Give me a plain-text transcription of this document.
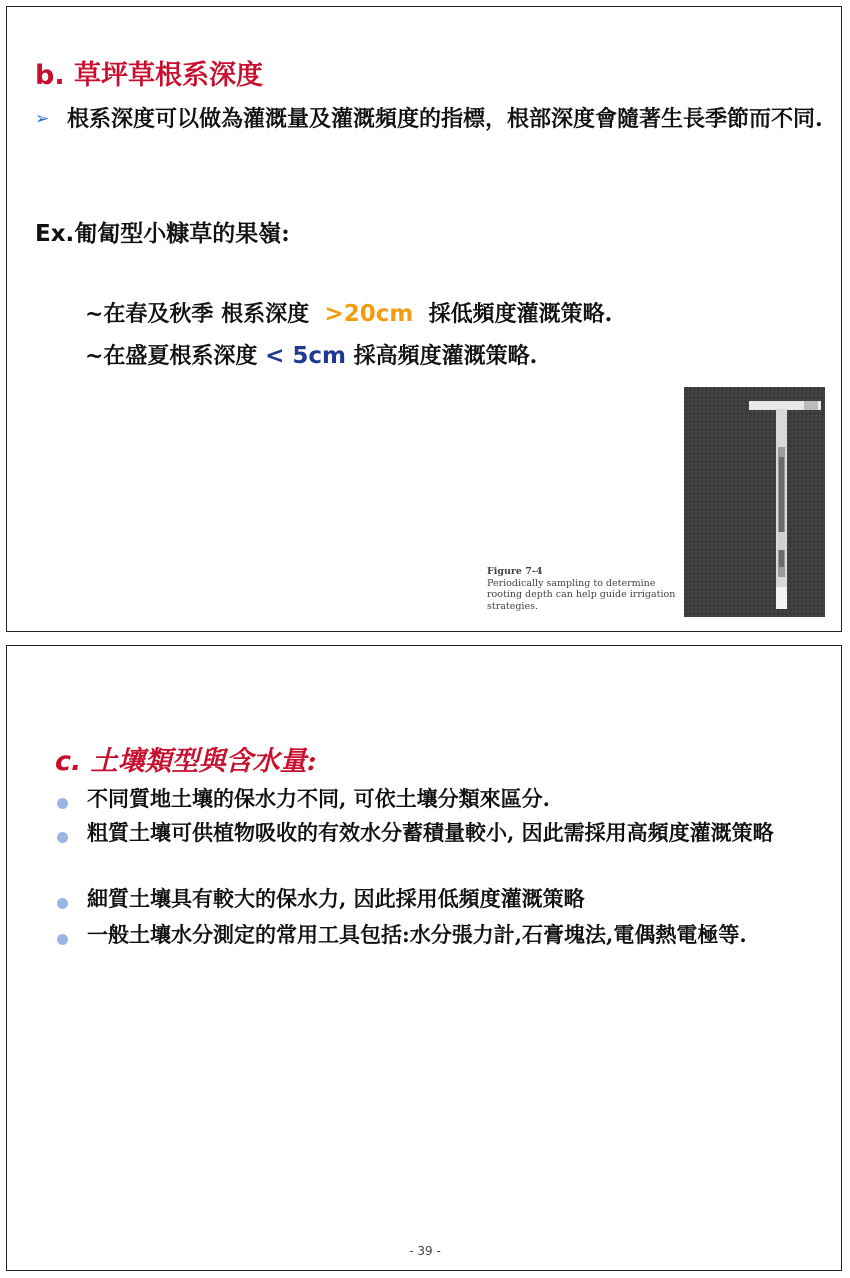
b. 草坪草根系深度
➢ 根系深度可以做為灌溉量及灌溉頻度的指標，根部深度會隨著生長季節而不同.
Ex.匍匐型小糠草的果嶺:
~在春及秋季 根系深度 >20cm 採低頻度灌溉策略.
~在盛夏根系深度 < 5cm 採高頻度灌溉策略.
Figure 7-4
Periodically sampling to determine rooting depth can help guide irrigation strategies.
c. 土壤類型與含水量:
不同質地土壤的保水力不同, 可依土壤分類來區分.
粗質土壤可供植物吸收的有效水分蓄積量較小, 因此需採用高頻度灌溉策略
細質土壤具有較大的保水力, 因此採用低頻度灌溉策略
一般土壤水分測定的常用工具包括:水分張力計,石膏塊法,電偶熱電極等.
- 39 -
